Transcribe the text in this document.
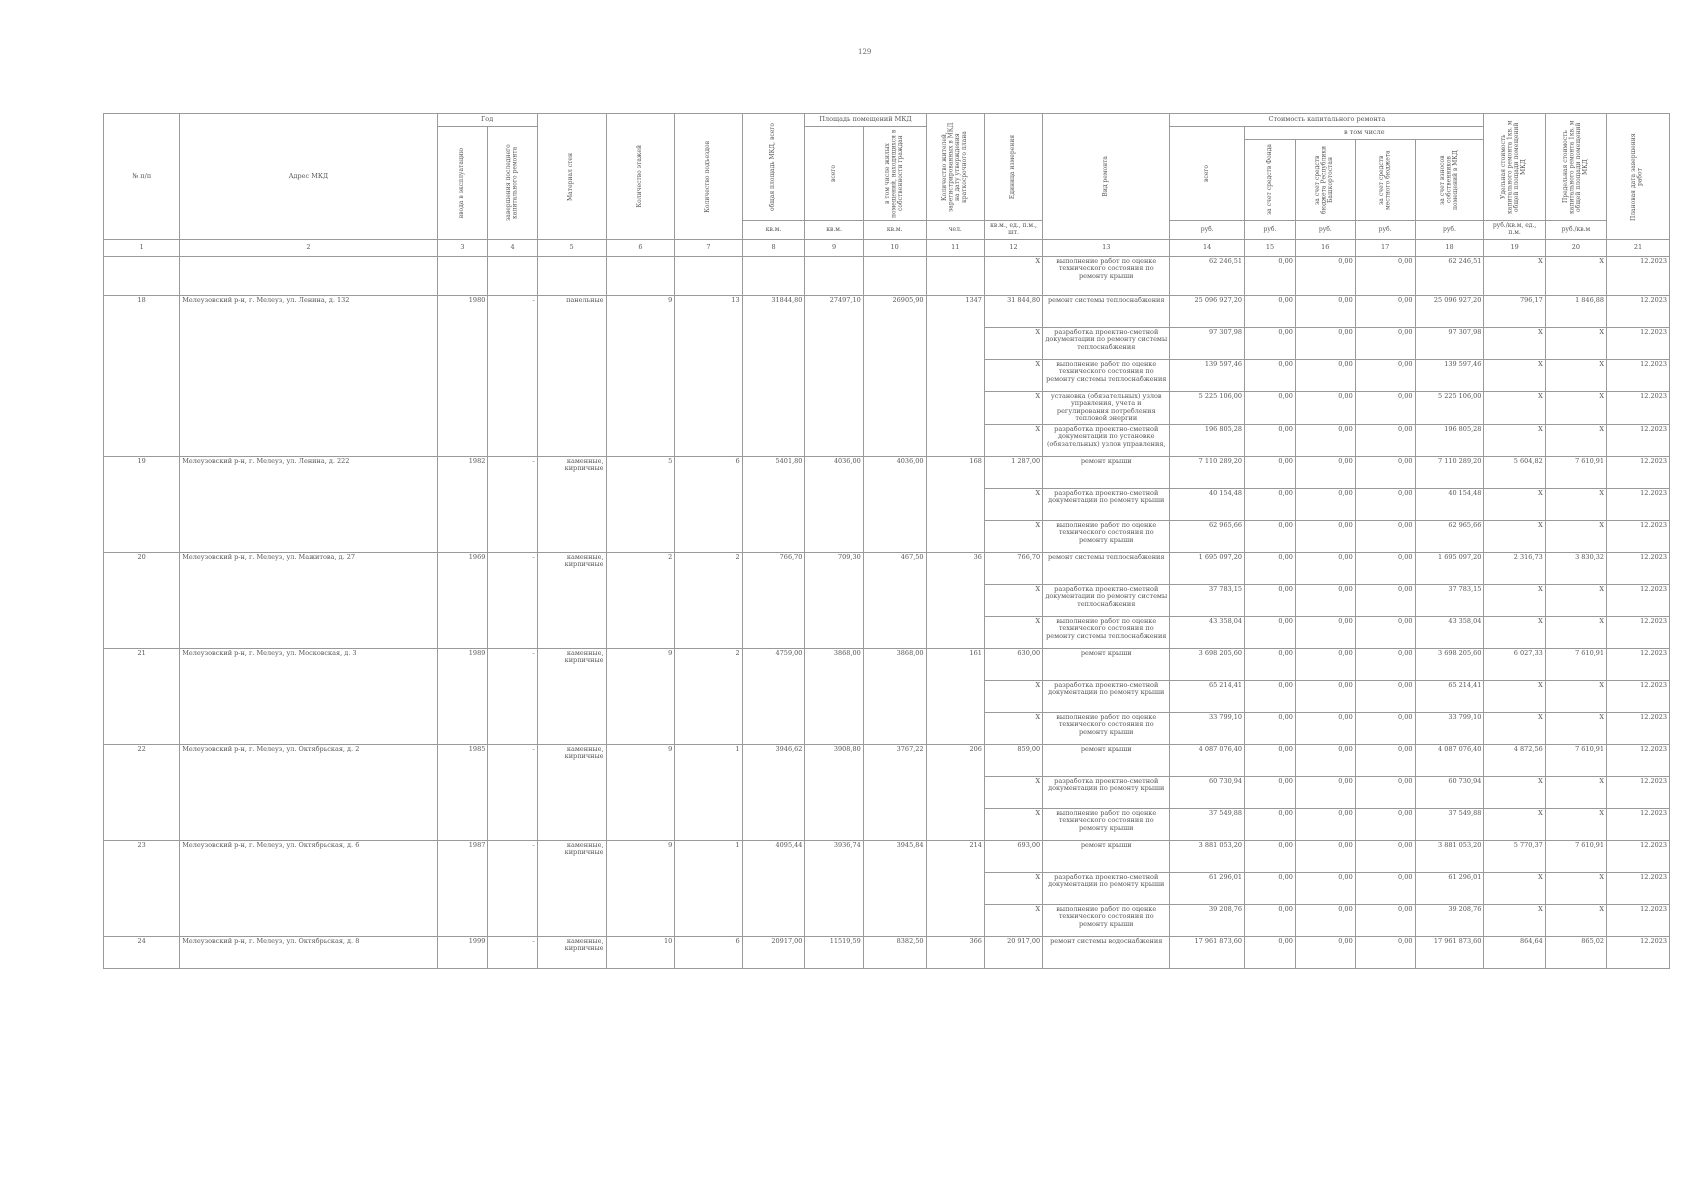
129
№ п/п	Адрес МКД	Год		Материал стен	Количество этажей	Количество подъездов	общая площадь МКД, всего	Площадь помещений МКД		Количество жителей, зарегистрированных в МКД на дату утверждения краткосрочного плана	Единица измерения	Вид ремонта	Стоимость капитального ремонта					Удельная стоимость капитального ремонта 1кв. м общей площади помещений МКД	Предельная стоимость капитального ремонта 1кв. м общей площади помещений МКД	Плановая дата завершения работ

		ввода в эксплуатацию	завершения последнего капитального ремонта					всего	в том числе жилых помещений, находящихся в собственности граждан				всего	в том числе						

														за счет средств Фонда	за счет средств бюджета Республики Башкортостан	за счет средств местного бюджета	за счет взносов собственников помещений в МКД			

							кв.м.	кв.м.	кв.м.	чел.	кв.м., ед., п.м., шт.		руб.	руб.	руб.	руб.	руб.	руб./кв.м, ед., п.м.	руб./кв.м	
1	2	3	4	5	6	7	8	9	10	11	12	13	14	15	16	17	18	19	20	21
											X	выполнение работ по оценке технического состояния по ремонту крыши	62 246,51	0,00	0,00	0,00	62 246,51	X	X	12.2023
18	Мелеузовский р-н, г. Мелеуз, ул. Ленина, д. 132	1980	-	панельные	9	13	31844,80	27497,10	26905,90	1347	31 844,80	ремонт системы теплоснабжения	25 096 927,20	0,00	0,00	0,00	25 096 927,20	796,17	1 846,88	12.2023
											X	разработка проектно-сметной документации по ремонту системы теплоснабжения	97 307,98	0,00	0,00	0,00	97 307,98	X	X	12.2023
											X	выполнение работ по оценке технического состояния по ремонту системы теплоснабжения	139 597,46	0,00	0,00	0,00	139 597,46	X	X	12.2023
											X	установка (обязательных) узлов управления, учета и регулирования потребления тепловой энергии	5 225 106,00	0,00	0,00	0,00	5 225 106,00	X	X	12.2023
											X	разработка проектно-сметной документации по установке (обязательных) узлов управления,	196 805,28	0,00	0,00	0,00	196 805,28	X	X	12.2023
19	Мелеузовский р-н, г. Мелеуз, ул. Ленина, д. 222	1982	-	каменные, кирпичные	5	6	5401,80	4036,00	4036,00	168	1 287,00	ремонт крыши	7 110 289,20	0,00	0,00	0,00	7 110 289,20	5 604,82	7 610,91	12.2023
											X	разработка проектно-сметной документации по ремонту крыши	40 154,48	0,00	0,00	0,00	40 154,48	X	X	12.2023
											X	выполнение работ по оценке технического состояния по ремонту крыши	62 965,66	0,00	0,00	0,00	62 965,66	X	X	12.2023
20	Мелеузовский р-н, г. Мелеуз, ул. Мажитова, д. 27	1969	-	каменные, кирпичные	2	2	766,70	709,30	467,50	36	766,70	ремонт системы теплоснабжения	1 695 097,20	0,00	0,00	0,00	1 695 097,20	2 316,73	3 830,32	12.2023
											X	разработка проектно-сметной документации по ремонту системы теплоснабжения	37 783,15	0,00	0,00	0,00	37 783,15	X	X	12.2023
											X	выполнение работ по оценке технического состояния по ремонту системы теплоснабжения	43 358,04	0,00	0,00	0,00	43 358,04	X	X	12.2023
21	Мелеузовский р-н, г. Мелеуз, ул. Московская, д. 3	1989	-	каменные, кирпичные	9	2	4759,00	3868,00	3868,00	161	630,00	ремонт крыши	3 698 205,60	0,00	0,00	0,00	3 698 205,60	6 027,33	7 610,91	12.2023
											X	разработка проектно-сметной документации по ремонту крыши	65 214,41	0,00	0,00	0,00	65 214,41	X	X	12.2023
											X	выполнение работ по оценке технического состояния по ремонту крыши	33 799,10	0,00	0,00	0,00	33 799,10	X	X	12.2023
22	Мелеузовский р-н, г. Мелеуз, ул. Октябрьская, д. 2	1985	-	каменные, кирпичные	9	1	3946,62	3908,80	3767,22	206	859,00	ремонт крыши	4 087 076,40	0,00	0,00	0,00	4 087 076,40	4 872,56	7 610,91	12.2023
											X	разработка проектно-сметной документации по ремонту крыши	60 730,94	0,00	0,00	0,00	60 730,94	X	X	12.2023
											X	выполнение работ по оценке технического состояния по ремонту крыши	37 549,88	0,00	0,00	0,00	37 549,88	X	X	12.2023
23	Мелеузовский р-н, г. Мелеуз, ул. Октябрьская, д. 6	1987	-	каменные, кирпичные	9	1	4095,44	3936,74	3945,84	214	693,00	ремонт крыши	3 881 053,20	0,00	0,00	0,00	3 881 053,20	5 770,37	7 610,91	12.2023
											X	разработка проектно-сметной документации по ремонту крыши	61 296,01	0,00	0,00	0,00	61 296,01	X	X	12.2023
											X	выполнение работ по оценке технического состояния по ремонту крыши	39 208,76	0,00	0,00	0,00	39 208,76	X	X	12.2023
24	Мелеузовский р-н, г. Мелеуз, ул. Октябрьская, д. 8	1999	-	каменные, кирпичные	10	6	20917,00	11519,59	8382,50	366	20 917,00	ремонт системы водоснабжения	17 961 873,60	0,00	0,00	0,00	17 961 873,60	864,64	865,02	12.2023
